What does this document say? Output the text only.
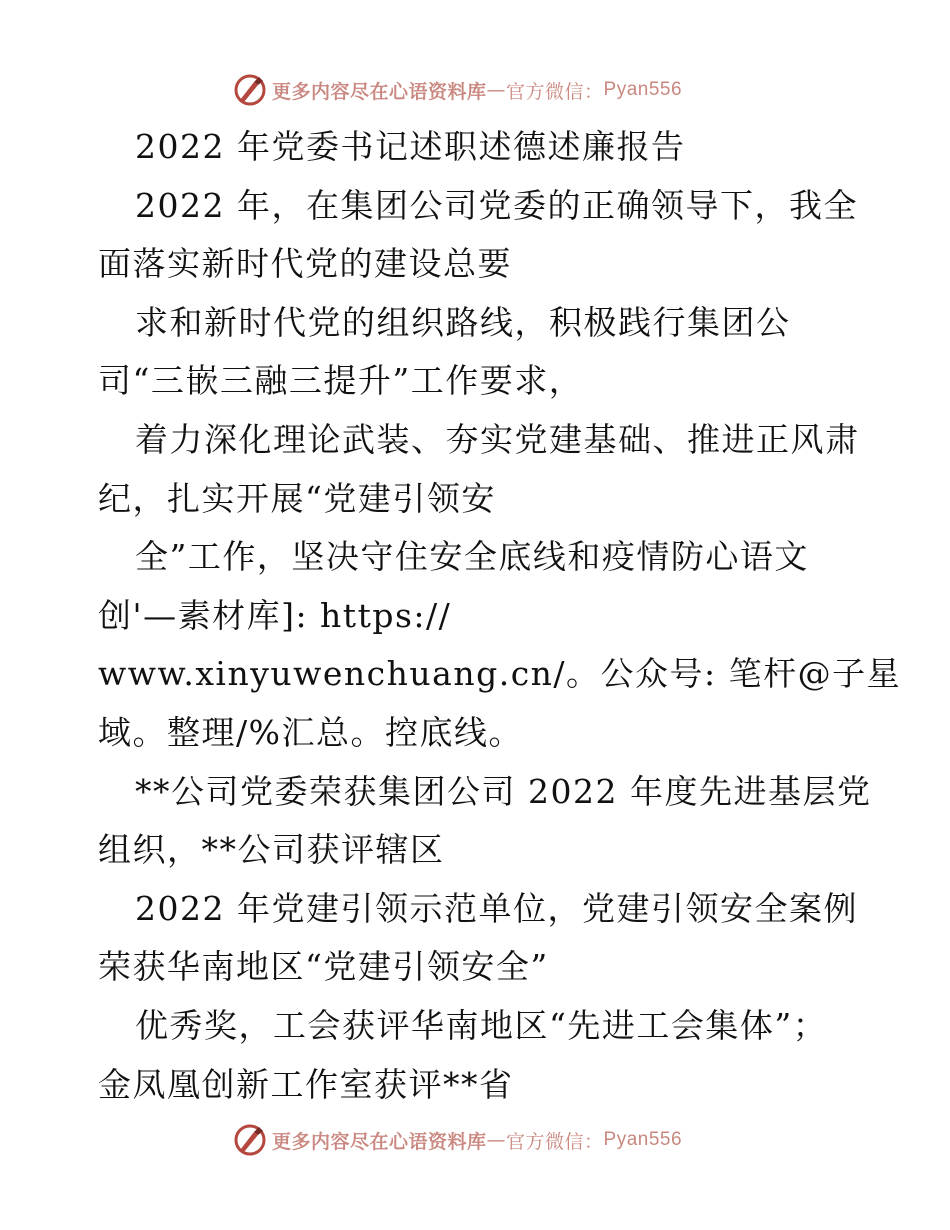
更多内容尽在心语资料库 — 官方微信： Pyan556
2022 年党委书记述职述德述廉报告
2022 年，在集团公司党委的正确领导下，我全
面落实新时代党的建设总要
求和新时代党的组织路线，积极践行集团公
司“三嵌三融三提升”工作要求，
着力深化理论武装、夯实党建基础、推进正风肃
纪，扎实开展“党建引领安
全”工作，坚决守住安全底线和疫情防心语文
创'—素材库]: https://
www.xinyuwenchuang.cn/。公众号: 笔杆@子星
域。整理/%汇总。控底线。
**公司党委荣获集团公司 2022 年度先进基层党
组织，**公司获评辖区
2022 年党建引领示范单位，党建引领安全案例
荣获华南地区“党建引领安全”
优秀奖，工会获评华南地区“先进工会集体”；
金凤凰创新工作室获评**省
更多内容尽在心语资料库 — 官方微信： Pyan556
